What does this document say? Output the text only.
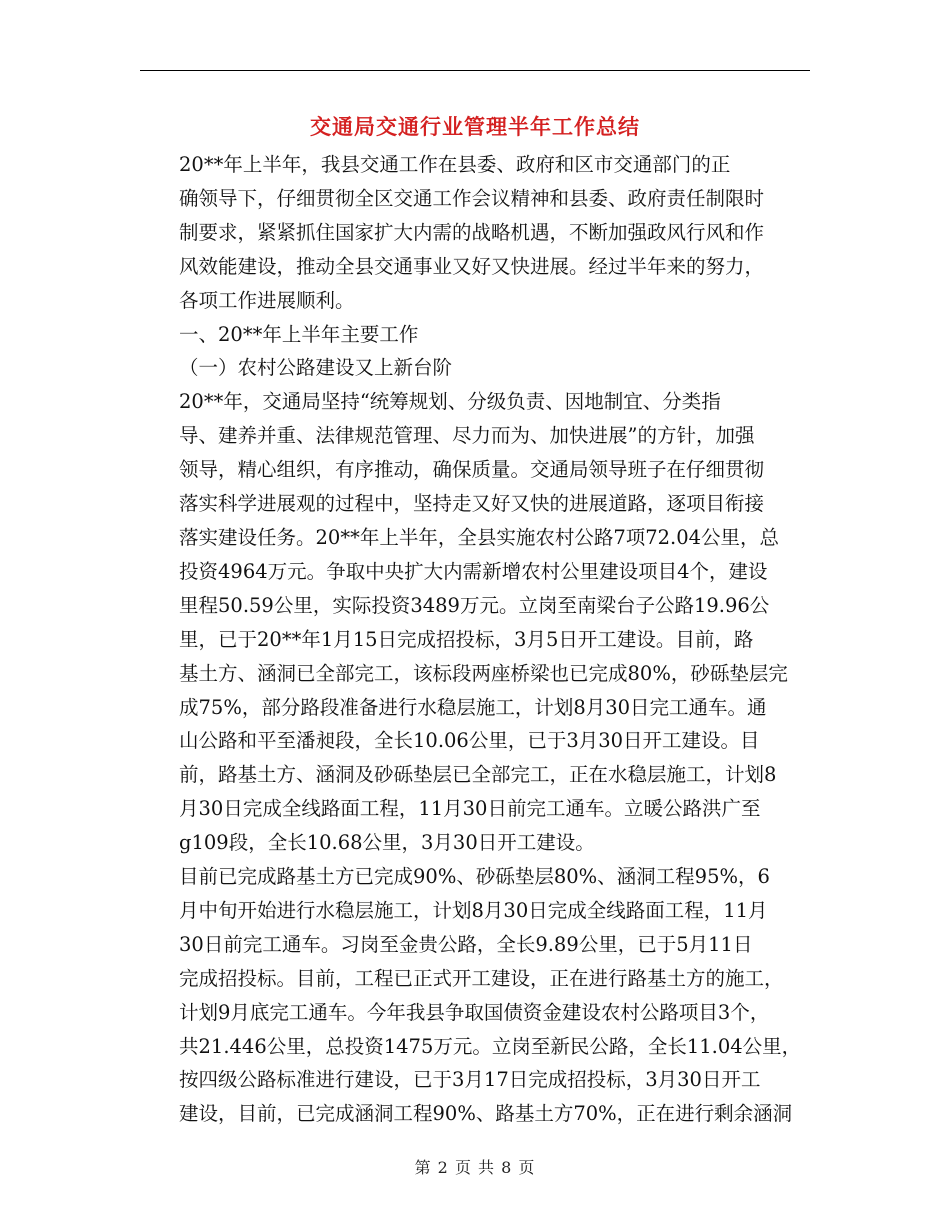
交通局交通行业管理半年工作总结
20**年上半年，我县交通工作在县委、政府和区市交通部门的正
确领导下，仔细贯彻全区交通工作会议精神和县委、政府责任制限时
制要求，紧紧抓住国家扩大内需的战略机遇，不断加强政风行风和作
风效能建设，推动全县交通事业又好又快进展。经过半年来的努力，
各项工作进展顺利。
一、20**年上半年主要工作
（一）农村公路建设又上新台阶
20**年，交通局坚持“统筹规划、分级负责、因地制宜、分类指
导、建养并重、法律规范管理、尽力而为、加快进展”的方针，加强
领导，精心组织，有序推动，确保质量。交通局领导班子在仔细贯彻
落实科学进展观的过程中，坚持走又好又快的进展道路，逐项目衔接
落实建设任务。20**年上半年，全县实施农村公路7项72.04公里，总
投资4964万元。争取中央扩大内需新增农村公里建设项目4个，建设
里程50.59公里，实际投资3489万元。立岗至南梁台子公路19.96公
里，已于20**年1月15日完成招投标，3月5日开工建设。目前，路
基土方、涵洞已全部完工，该标段两座桥梁也已完成80%，砂砾垫层完
成75%，部分路段准备进行水稳层施工，计划8月30日完工通车。通
山公路和平至潘昶段，全长10.06公里，已于3月30日开工建设。目
前，路基土方、涵洞及砂砾垫层已全部完工，正在水稳层施工，计划8
月30日完成全线路面工程，11月30日前完工通车。立暖公路洪广至
g109段，全长10.68公里，3月30日开工建设。
目前已完成路基土方已完成90%、砂砾垫层80%、涵洞工程95%，6
月中旬开始进行水稳层施工，计划8月30日完成全线路面工程，11月
30日前完工通车。习岗至金贵公路，全长9.89公里，已于5月11日
完成招投标。目前，工程已正式开工建设，正在进行路基土方的施工，
计划9月底完工通车。今年我县争取国债资金建设农村公路项目3个，
共21.446公里，总投资1475万元。立岗至新民公路，全长11.04公里，
按四级公路标准进行建设，已于3月17日完成招投标，3月30日开工
建设，目前，已完成涵洞工程90%、路基土方70%，正在进行剩余涵洞
第 2 页 共 8 页
